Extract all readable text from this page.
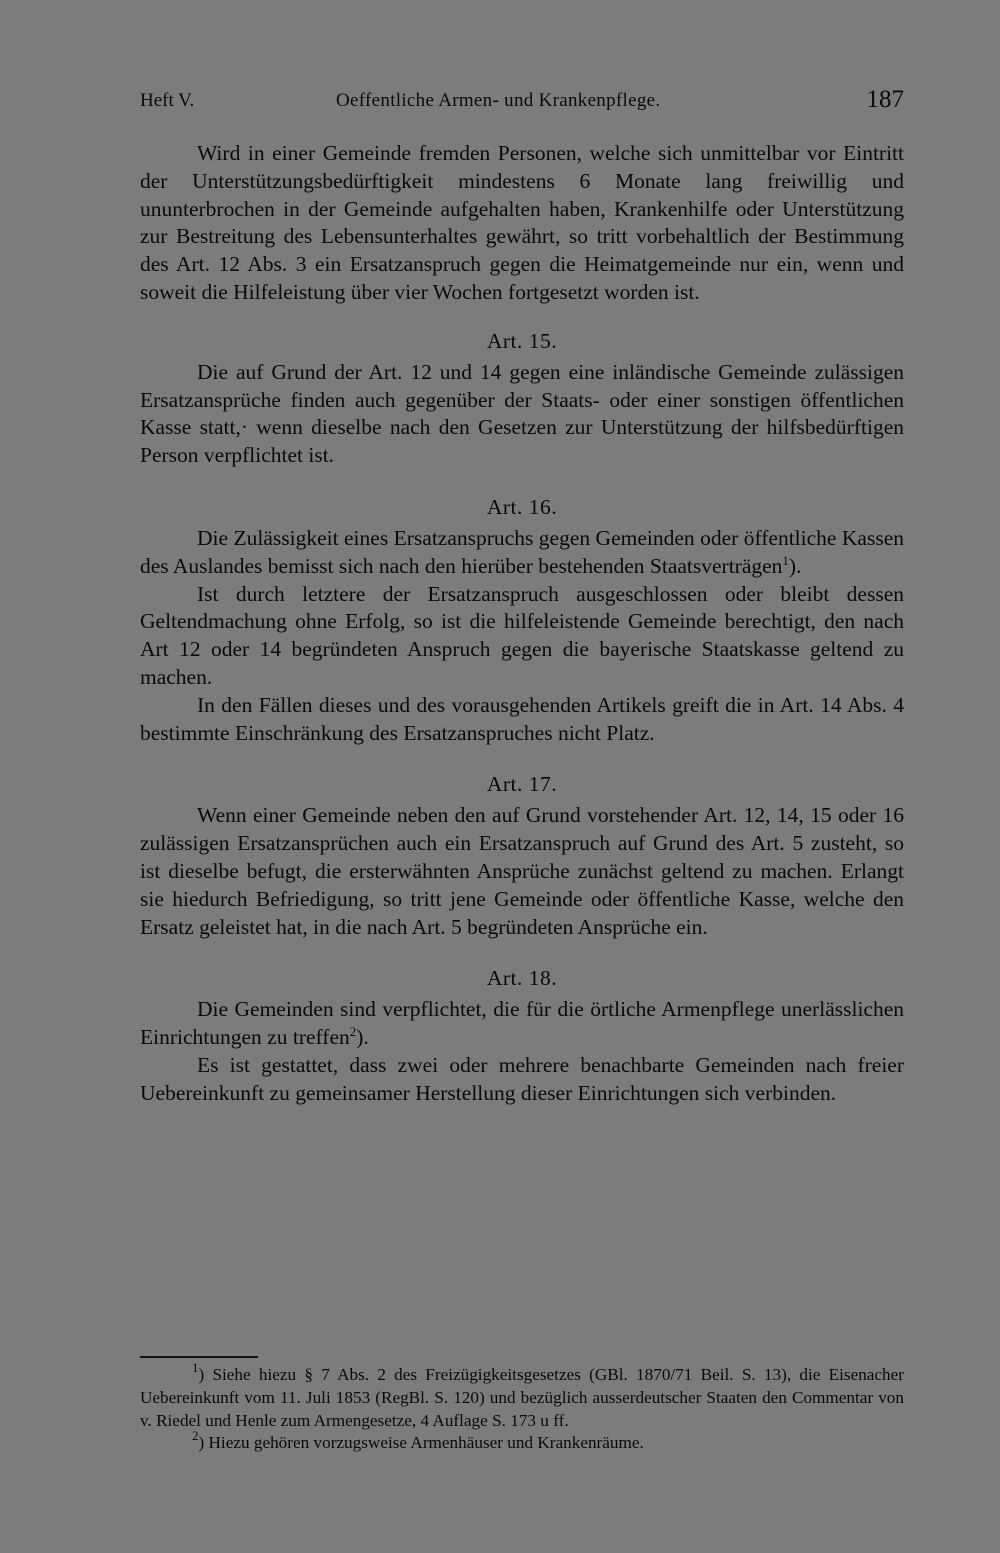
Heft V.	Oeffentliche Armen- und Krankenpflege.	187

Wird in einer Gemeinde fremden Personen, welche sich unmittelbar vor Eintritt der Unterstützungsbedürftigkeit mindestens 6 Monate lang freiwillig und ununterbrochen in der Gemeinde aufgehalten haben, Krankenhilfe oder Unterstützung zur Bestreitung des Lebensunterhaltes gewährt, so tritt vorbehaltlich der Bestimmung des Art. 12 Abs. 3 ein Ersatzanspruch gegen die Heimatgemeinde nur ein, wenn und soweit die Hilfeleistung über vier Wochen fortgesetzt worden ist.

Art. 15.

Die auf Grund der Art. 12 und 14 gegen eine inländische Gemeinde zulässigen Ersatzansprüche finden auch gegenüber der Staats- oder einer sonstigen öffentlichen Kasse statt,· wenn dieselbe nach den Gesetzen zur Unterstützung der hilfsbedürftigen Person verpflichtet ist.

Art. 16.

Die Zulässigkeit eines Ersatzanspruchs gegen Gemeinden oder öffentliche Kassen des Auslandes bemisst sich nach den hierüber bestehenden Staatsverträgen$^1$).

Ist durch letztere der Ersatzanspruch ausgeschlossen oder bleibt dessen Geltendmachung ohne Erfolg, so ist die hilfeleistende Gemeinde berechtigt, den nach Art 12 oder 14 begründeten Anspruch gegen die bayerische Staatskasse geltend zu machen.

In den Fällen dieses und des vorausgehenden Artikels greift die in Art. 14 Abs. 4 bestimmte Einschränkung des Ersatzanspruches nicht Platz.

Art. 17.

Wenn einer Gemeinde neben den auf Grund vorstehender Art. 12, 14, 15 oder 16 zulässigen Ersatzansprüchen auch ein Ersatzanspruch auf Grund des Art. 5 zusteht, so ist dieselbe befugt, die ersterwähnten Ansprüche zunächst geltend zu machen. Erlangt sie hiedurch Befriedigung, so tritt jene Gemeinde oder öffentliche Kasse, welche den Ersatz geleistet hat, in die nach Art. 5 begründeten Ansprüche ein.

Art. 18.

Die Gemeinden sind verpflichtet, die für die örtliche Armenpflege unerlässlichen Einrichtungen zu treffen$^2$).

Es ist gestattet, dass zwei oder mehrere benachbarte Gemeinden nach freier Uebereinkunft zu gemeinsamer Herstellung dieser Einrichtungen sich verbinden.

$^1$) Siehe hiezu § 7 Abs. 2 des Freizügigkeitsgesetzes (GBl. 1870/71 Beil. S. 13), die Eisenacher Uebereinkunft vom 11. Juli 1853 (RegBl. S. 120) und bezüglich ausserdeutscher Staaten den Commentar von v. Riedel und Henle zum Armengesetze, 4 Auflage S. 173 u ff.

$^2$) Hiezu gehören vorzugsweise Armenhäuser und Krankenräume.
